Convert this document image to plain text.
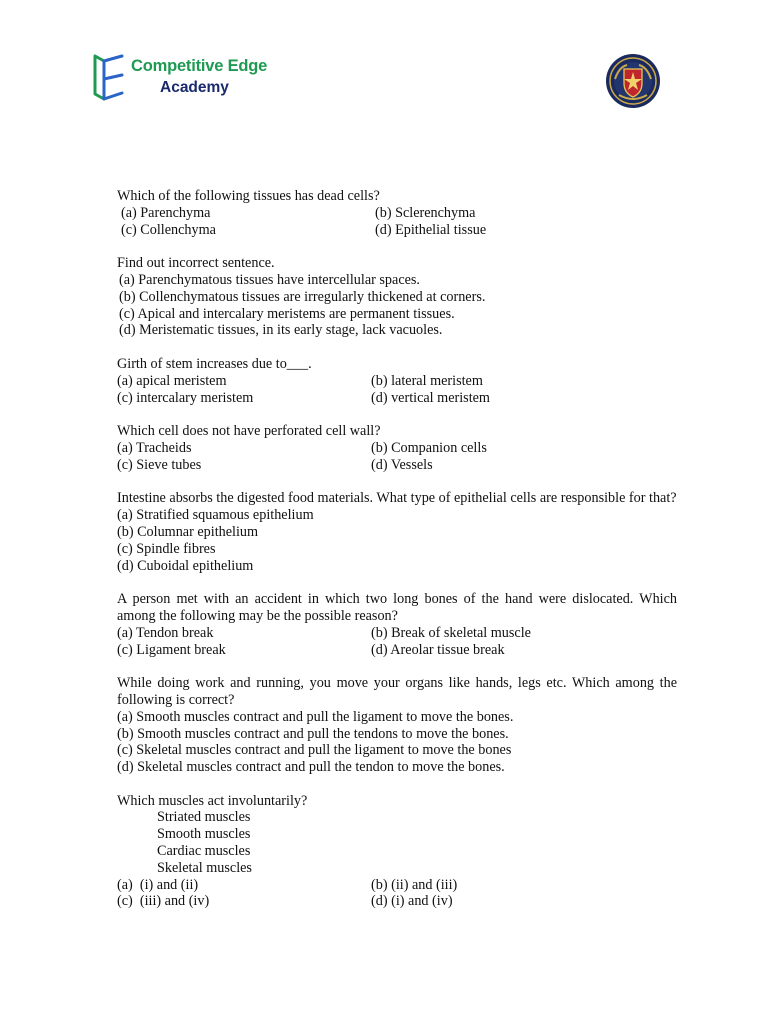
Competitive Edge
Academy
Which of the following tissues has dead cells?
(a) Parenchyma	(b) Sclerenchyma
(c) Collenchyma	(d) Epithelial tissue
Find out incorrect sentence.
(a) Parenchymatous tissues have intercellular spaces.
(b) Collenchymatous tissues are irregularly thickened at corners.
(c) Apical and intercalary meristems are permanent tissues.
(d) Meristematic tissues, in its early stage, lack vacuoles.
Girth of stem increases due to___.
(a) apical meristem	(b) lateral meristem
(c) intercalary meristem	(d) vertical meristem
Which cell does not have perforated cell wall?
(a) Tracheids	(b) Companion cells
(c) Sieve tubes	(d) Vessels
Intestine absorbs the digested food materials. What type of epithelial cells are responsible for that?
(a) Stratified squamous epithelium
(b) Columnar epithelium
(c) Spindle fibres
(d) Cuboidal epithelium
A person met with an accident in which two long bones of the hand were dislocated. Which among the following may be the possible reason?
(a) Tendon break	(b) Break of skeletal muscle
(c) Ligament break	(d) Areolar tissue break
While doing work and running, you move your organs like hands, legs etc. Which among the following is correct?
(a) Smooth muscles contract and pull the ligament to move the bones.
(b) Smooth muscles contract and pull the tendons to move the bones.
(c) Skeletal muscles contract and pull the ligament to move the bones
(d) Skeletal muscles contract and pull the tendon to move the bones.
Which muscles act involuntarily?
Striated muscles
Smooth muscles
Cardiac muscles
Skeletal muscles
(a)  (i) and (ii)	(b) (ii) and (iii)
(c)  (iii) and (iv)	(d) (i) and (iv)
